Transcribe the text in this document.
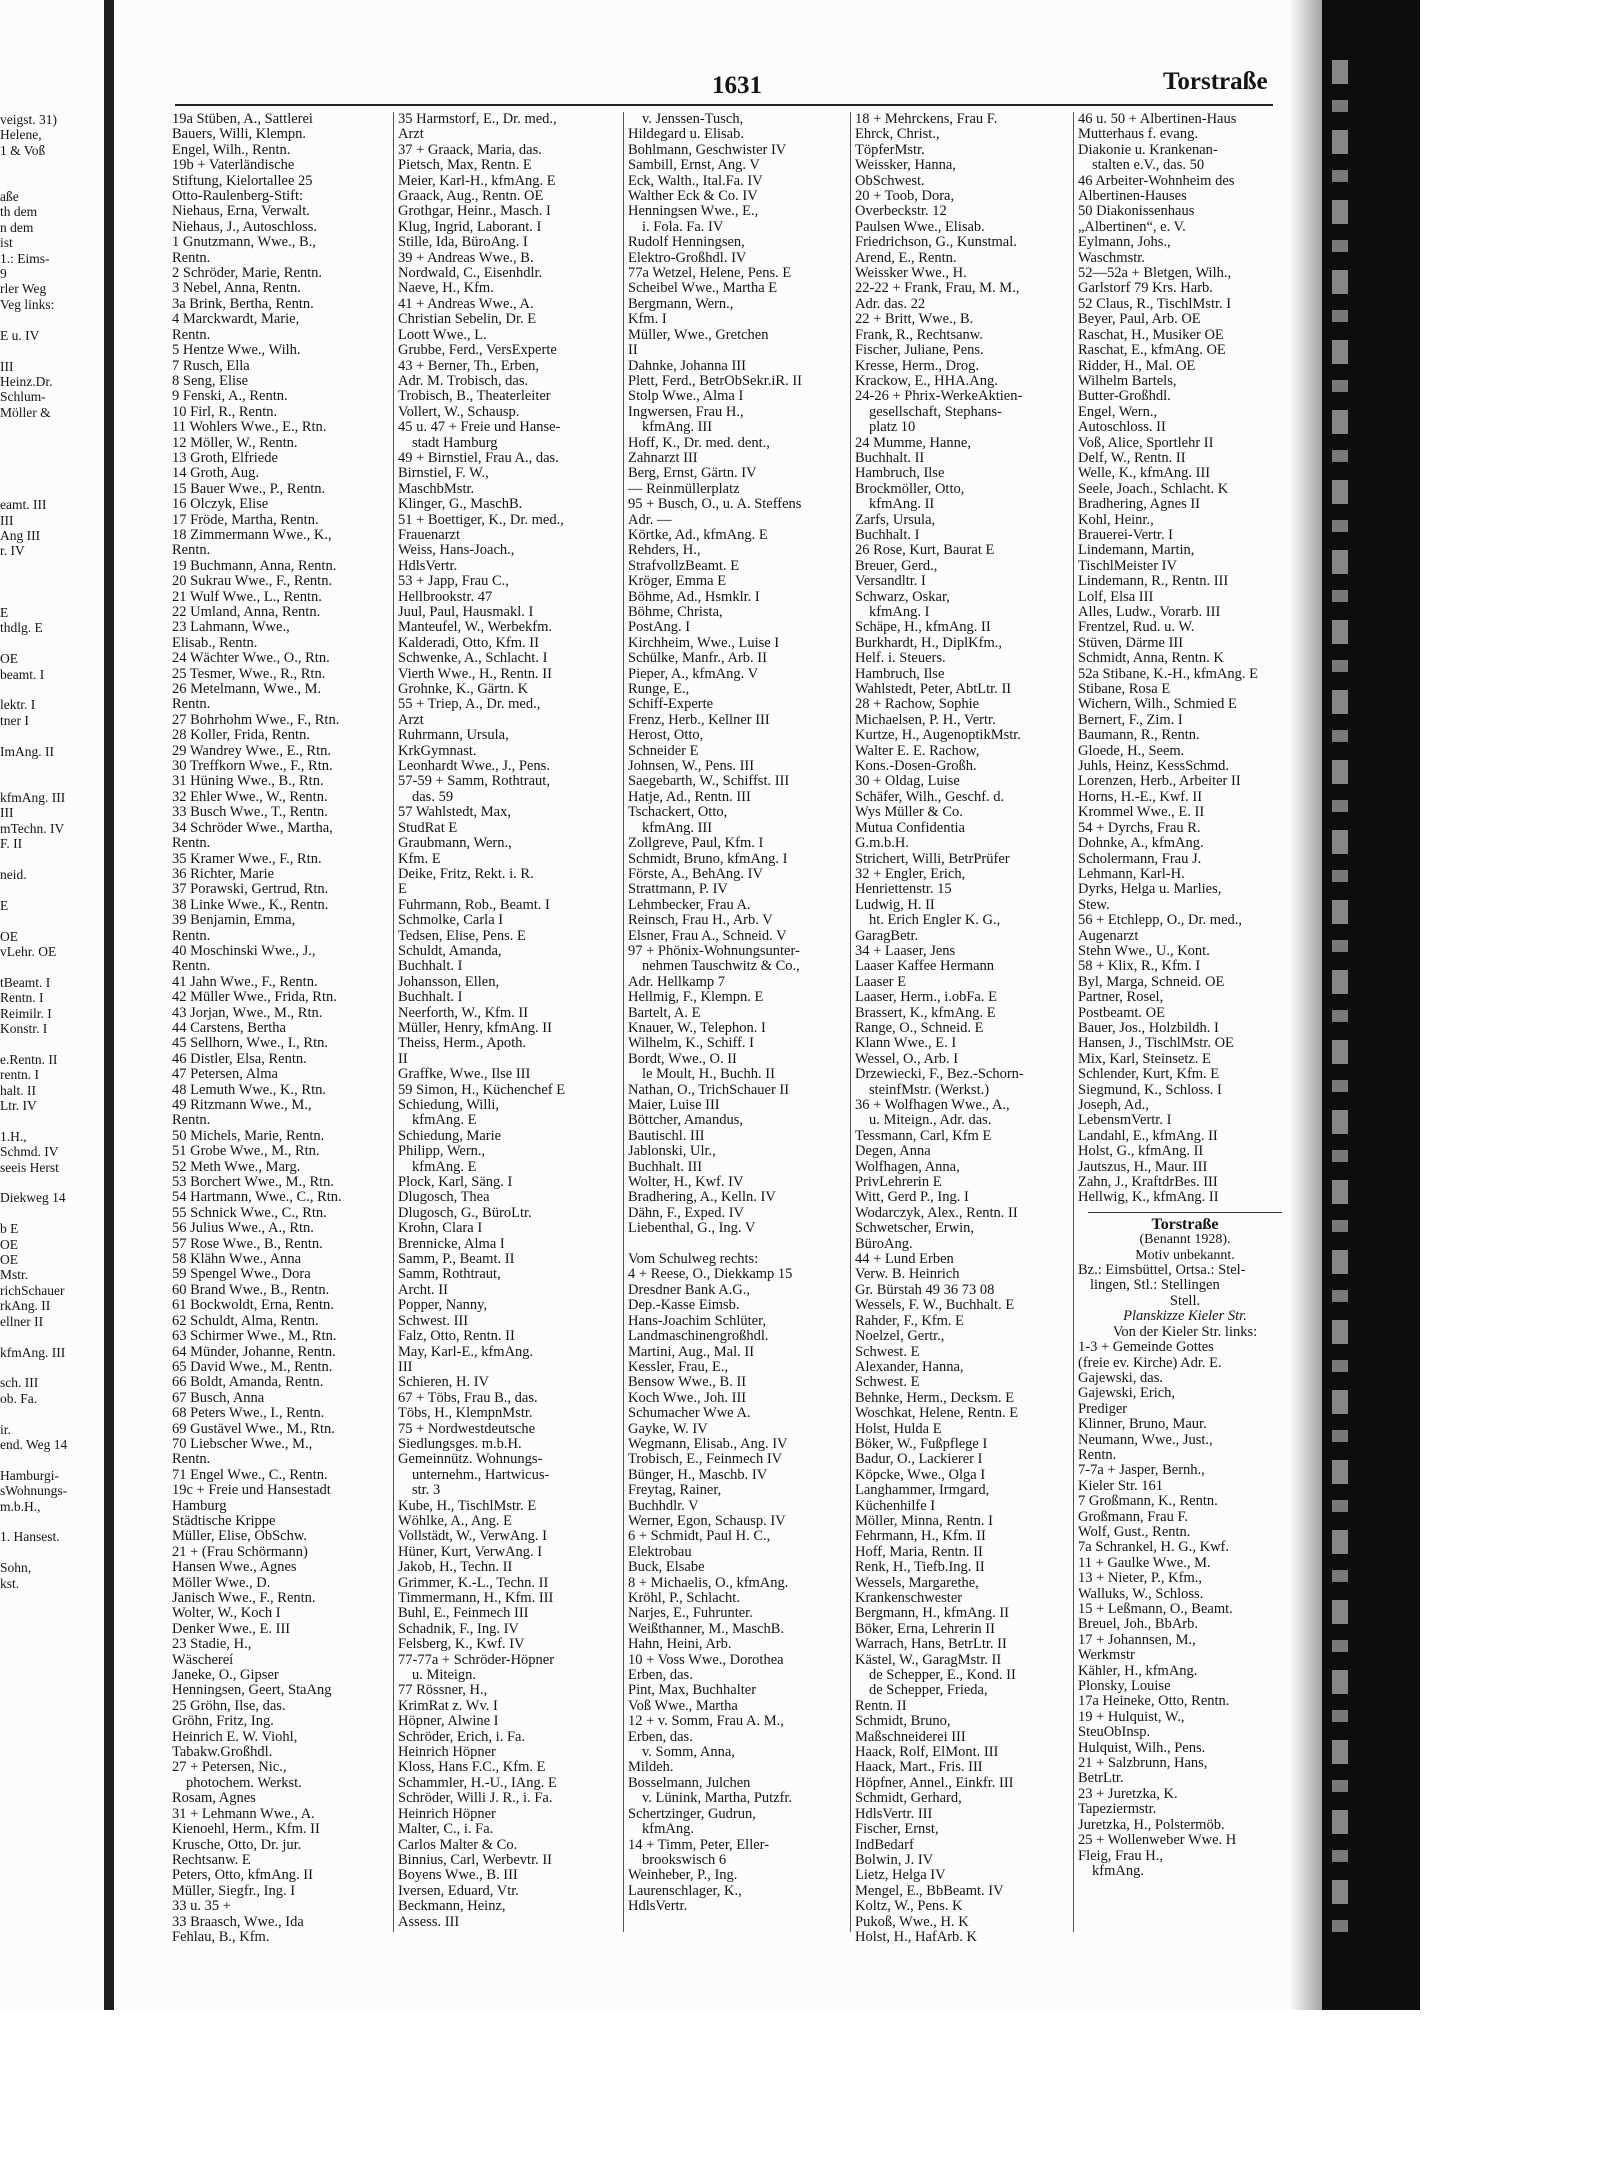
1631	Torstraße
veigst. 31)
Helene,
1 & Voß

aße
th dem
n dem
ist
1.: Eims-
9
rler Weg
Veg links:

E u. IV

III
Heinz.Dr.
Schlum-
Möller &

eamt. III
III
Ang III
r. IV

E
thdlg. E

OE
beamt. I

lektr. I
tner I

ImAng. II

kfmAng. III
III
mTechn. IV
F. II

neid.

E

OE
vLehr. OE

tBeamt. I
Rentn. I
Reimilr. I
Konstr. I

e.Rentn. II
rentn. I
halt. II
Ltr. IV

1.H.,
Schmd. IV
seeis Herst

Diekweg 14

b E
OE
OE
Mstr.
richSchauer
rkAng. II
ellner II

kfmAng. III

sch. III
ob. Fa.

ir.
end. Weg 14

Hamburgi-
sWohnungs-
m.b.H.,

1. Hansest.

Sohn,
kst.
19a Stüben, A., Sattlerei
Bauers, Willi, Klempn.
Engel, Wilh., Rentn.
19b + Vaterländische
Stiftung, Kielortallee 25
Otto-Raulenberg-Stift:
Niehaus, Erna, Verwalt.
Niehaus, J., Autoschloss.
1 Gnutzmann, Wwe., B.,
Rentn.
2 Schröder, Marie, Rentn.
3 Nebel, Anna, Rentn.
3a Brink, Bertha, Rentn.
4 Marckwardt, Marie,
Rentn.
5 Hentze Wwe., Wilh.
7 Rusch, Ella
8 Seng, Elise
9 Fenski, A., Rentn.
10 Firl, R., Rentn.
11 Wohlers Wwe., E., Rtn.
12 Möller, W., Rentn.
13 Groth, Elfriede
14 Groth, Aug.
15 Bauer Wwe., P., Rentn.
16 Olczyk, Elise
17 Fröde, Martha, Rentn.
18 Zimmermann Wwe., K.,
Rentn.
19 Buchmann, Anna, Rentn.
20 Sukrau Wwe., F., Rentn.
21 Wulf Wwe., L., Rentn.
22 Umland, Anna, Rentn.
23 Lahmann, Wwe.,
Elisab., Rentn.
24 Wächter Wwe., O., Rtn.
25 Tesmer, Wwe., R., Rtn.
26 Metelmann, Wwe., M.
Rentn.
27 Bohrhohm Wwe., F., Rtn.
28 Koller, Frida, Rentn.
29 Wandrey Wwe., E., Rtn.
30 Treffkorn Wwe., F., Rtn.
31 Hüning Wwe., B., Rtn.
32 Ehler Wwe., W., Rentn.
33 Busch Wwe., T., Rentn.
34 Schröder Wwe., Martha,
Rentn.
35 Kramer Wwe., F., Rtn.
36 Richter, Marie
37 Porawski, Gertrud, Rtn.
38 Linke Wwe., K., Rentn.
39 Benjamin, Emma,
Rentn.
40 Moschinski Wwe., J.,
Rentn.
41 Jahn Wwe., F., Rentn.
42 Müller Wwe., Frida, Rtn.
43 Jorjan, Wwe., M., Rtn.
44 Carstens, Bertha
45 Sellhorn, Wwe., I., Rtn.
46 Distler, Elsa, Rentn.
47 Petersen, Alma
48 Lemuth Wwe., K., Rtn.
49 Ritzmann Wwe., M.,
Rentn.
50 Michels, Marie, Rentn.
51 Grobe Wwe., M., Rtn.
52 Meth Wwe., Marg.
53 Borchert Wwe., M., Rtn.
54 Hartmann, Wwe., C., Rtn.
55 Schnick Wwe., C., Rtn.
56 Julius Wwe., A., Rtn.
57 Rose Wwe., B., Rentn.
58 Klähn Wwe., Anna
59 Spengel Wwe., Dora
60 Brand Wwe., B., Rentn.
61 Bockwoldt, Erna, Rentn.
62 Schuldt, Alma, Rentn.
63 Schirmer Wwe., M., Rtn.
64 Münder, Johanne, Rentn.
65 David Wwe., M., Rentn.
66 Boldt, Amanda, Rentn.
67 Busch, Anna
68 Peters Wwe., I., Rentn.
69 Gustävel Wwe., M., Rtn.
70 Liebscher Wwe., M.,
Rentn.
71 Engel Wwe., C., Rentn.
19c + Freie und Hansestadt
Hamburg
Städtische Krippe
Müller, Elise, ObSchw.
21 + (Frau Schörmann)
Hansen Wwe., Agnes
Möller Wwe., D.
Janisch Wwe., F., Rentn.
Wolter, W., Koch I
Denker Wwe., E. III
23 Stadie, H.,
Wäschereí
Janeke, O., Gipser
Henningsen, Geert, StaAng
25 Gröhn, Ilse, das.
Gröhn, Fritz, Ing.
Heinrich E. W. Viohl,
Tabakw.Großhdl.
27 + Petersen, Nic.,
photochem. Werkst.
Rosam, Agnes
31 + Lehmann Wwe., A.
Kienoehl, Herm., Kfm. II
Krusche, Otto, Dr. jur.
Rechtsanw. E
Peters, Otto, kfmAng. II
Müller, Siegfr., Ing. I
33 u. 35 +
33 Braasch, Wwe., Ida
Fehlau, B., Kfm.
35 Harmstorf, E., Dr. med.,
Arzt
37 + Graack, Maria, das.
Pietsch, Max, Rentn. E
Meier, Karl-H., kfmAng. E
Graack, Aug., Rentn. OE
Grothgar, Heinr., Masch. I
Klug, Ingrid, Laborant. I
Stille, Ida, BüroAng. I
39 + Andreas Wwe., B.
Nordwald, C., Eisenhdlr.
Naeve, H., Kfm.
41 + Andreas Wwe., A.
Christian Sebelin, Dr. E
Loott Wwe., L.
Grubbe, Ferd., VersExperte
43 + Berner, Th., Erben,
Adr. M. Trobisch, das.
Trobisch, B., Theaterleiter
Vollert, W., Schausp.
45 u. 47 + Freie und Hanse-
stadt Hamburg
49 + Birnstiel, Frau A., das.
Birnstiel, F. W.,
MaschbMstr.
Klinger, G., MaschB.
51 + Boettiger, K., Dr. med.,
Frauenarzt
Weiss, Hans-Joach.,
HdlsVertr.
53 + Japp, Frau C.,
Hellbrookstr. 47
Juul, Paul, Hausmakl. I
Manteufel, W., Werbekfm.
Kalderadi, Otto, Kfm. II
Schwenke, A., Schlacht. I
Vierth Wwe., H., Rentn. II
Grohnke, K., Gärtn. K
55 + Triep, A., Dr. med.,
Arzt
Ruhrmann, Ursula,
KrkGymnast.
Leonhardt Wwe., J., Pens.
57-59 + Samm, Rothtraut,
das. 59
57 Wahlstedt, Max,
StudRat E
Graubmann, Wern.,
Kfm. E
Deike, Fritz, Rekt. i. R.
E
Fuhrmann, Rob., Beamt. I
Schmolke, Carla I
Tedsen, Elise, Pens. E
Schuldt, Amanda,
Buchhalt. I
Johansson, Ellen,
Buchhalt. I
Neerforth, W., Kfm. II
Müller, Henry, kfmAng. II
Theiss, Herm., Apoth.
II
Graffke, Wwe., Ilse III
59 Simon, H., Küchenchef E
Schiedung, Willi,
kfmAng. E
Schiedung, Marie
Philipp, Wern.,
kfmAng. E
Plock, Karl, Säng. I
Dlugosch, Thea
Dlugosch, G., BüroLtr.
Krohn, Clara I
Brennicke, Alma I
Samm, P., Beamt. II
Samm, Rothtraut,
Archt. II
Popper, Nanny,
Schwest. III
Falz, Otto, Rentn. II
May, Karl-E., kfmAng.
III
Schieren, H. IV
67 + Töbs, Frau B., das.
Töbs, H., KlempnMstr.
75 + Nordwestdeutsche
Siedlungsges. m.b.H.
Gemeinnütz. Wohnungs-
unternehm., Hartwicus-
str. 3
Kube, H., TischlMstr. E
Wöhlke, A., Ang. E
Vollstädt, W., VerwAng. I
Hüner, Kurt, VerwAng. I
Jakob, H., Techn. II
Grimmer, K.-L., Techn. II
Timmermann, H., Kfm. III
Buhl, E., Feinmech III
Schadnik, F., Ing. IV
Felsberg, K., Kwf. IV
77-77a + Schröder-Höpner
u. Miteign.
77 Rössner, H.,
KrimRat z. Wv. I
Höpner, Alwine I
Schröder, Erich, i. Fa.
Heinrich Höpner
Kloss, Hans F.C., Kfm. E
Schammler, H.-U., IAng. E
Schröder, Willi J. R., i. Fa.
Heinrich Höpner
Malter, C., i. Fa.
Carlos Malter & Co.
Binnius, Carl, Werbevtr. II
Boyens Wwe., B. III
Iversen, Eduard, Vtr.
Beckmann, Heinz,
Assess. III
v. Jenssen-Tusch,
Hildegard u. Elisab.
Bohlmann, Geschwister IV
Sambill, Ernst, Ang. V
Eck, Walth., Ital.Fa. IV
Walther Eck & Co. IV
Henningsen Wwe., E.,
i. Fola. Fa. IV
Rudolf Henningsen,
Elektro-Großhdl. IV
77a Wetzel, Helene, Pens. E
Scheibel Wwe., Martha E
Bergmann, Wern.,
Kfm. I
Müller, Wwe., Gretchen
II
Dahnke, Johanna III
Plett, Ferd., BetrObSekr.iR. II
Stolp Wwe., Alma I
Ingwersen, Frau H.,
kfmAng. III
Hoff, K., Dr. med. dent.,
Zahnarzt III
Berg, Ernst, Gärtn. IV
— Reinmüllerplatz
95 + Busch, O., u. A. Steffens
Adr. —
Körtke, Ad., kfmAng. E
Rehders, H.,
StrafvollzBeamt. E
Kröger, Emma E
Böhme, Ad., Hsmklr. I
Böhme, Christa,
PostAng. I
Kirchheim, Wwe., Luise I
Schülke, Manfr., Arb. II
Pieper, A., kfmAng. V
Runge, E.,
Schiff-Experte
Frenz, Herb., Kellner III
Herost, Otto,
Schneider E
Johnsen, W., Pens. III
Saegebarth, W., Schiffst. III
Hatje, Ad., Rentn. III
Tschackert, Otto,
kfmAng. III
Zollgreve, Paul, Kfm. I
Schmidt, Bruno, kfmAng. I
Förste, A., BehAng. IV
Strattmann, P. IV
Lehmbecker, Frau A.
Reinsch, Frau H., Arb. V
Elsner, Frau A., Schneid. V
97 + Phönix-Wohnungsunter-
nehmen Tauschwitz & Co.,
Adr. Hellkamp 7
Hellmig, F., Klempn. E
Bartelt, A. E
Knauer, W., Telephon. I
Wilhelm, K., Schiff. I
Bordt, Wwe., O. II
le Moult, H., Buchh. II
Nathan, O., TrichSchauer II
Maier, Luise III
Böttcher, Amandus,
Bautischl. III
Jablonski, Ulr.,
Buchhalt. III
Wolter, H., Kwf. IV
Bradhering, A., Kelln. IV
Dähn, F., Exped. IV
Liebenthal, G., Ing. V

Vom Schulweg rechts:
4 + Reese, O., Diekkamp 15
Dresdner Bank A.G.,
Dep.-Kasse Eimsb.
Hans-Joachim Schlüter,
Landmaschinengroßhdl.
Martini, Aug., Mal. II
Kessler, Frau, E.,
Bensow Wwe., B. II
Koch Wwe., Joh. III
Schumacher Wwe A.
Gayke, W. IV
Wegmann, Elisab., Ang. IV
Trobisch, E., Feinmech IV
Bünger, H., Maschb. IV
Freytag, Rainer,
Buchhdlr. V
Werner, Egon, Schausp. IV
6 + Schmidt, Paul H. C.,
Elektrobau
Buck, Elsabe
8 + Michaelis, O., kfmAng.
Kröhl, P., Schlacht.
Narjes, E., Fuhrunter.
Weißthanner, M., MaschB.
Hahn, Heini, Arb.
10 + Voss Wwe., Dorothea
Erben, das.
Pint, Max, Buchhalter
Voß Wwe., Martha
12 + v. Somm, Frau A. M.,
Erben, das.
v. Somm, Anna,
Mildeh.
Bosselmann, Julchen
v. Lünink, Martha, Putzfr.
Schertzinger, Gudrun,
kfmAng.
14 + Timm, Peter, Eller-
brookswisch 6
Weinheber, P., Ing.
Laurenschlager, K.,
HdlsVertr.
18 + Mehrckens, Frau F.
Ehrck, Christ.,
TöpferMstr.
Weissker, Hanna,
ObSchwest.
20 + Toob, Dora,
Overbeckstr. 12
Paulsen Wwe., Elisab.
Friedrichson, G., Kunstmal.
Arend, E., Rentn.
Weissker Wwe., H.
22-22 + Frank, Frau, M. M.,
Adr. das. 22
22 + Britt, Wwe., B.
Frank, R., Rechtsanw.
Fischer, Juliane, Pens.
Kresse, Herm., Drog.
Krackow, E., HHA.Ang.
24-26 + Phrix-WerkeAktien-
gesellschaft, Stephans-
platz 10
24 Mumme, Hanne,
Buchhalt. II
Hambruch, Ilse
Brockmöller, Otto,
kfmAng. II
Zarfs, Ursula,
Buchhalt. I
26 Rose, Kurt, Baurat E
Breuer, Gerd.,
Versandltr. I
Schwarz, Oskar,
kfmAng. I
Schäpe, H., kfmAng. II
Burkhardt, H., DiplKfm.,
Helf. i. Steuers.
Hambruch, Ilse
Wahlstedt, Peter, AbtLtr. II
28 + Rachow, Sophie
Michaelsen, P. H., Vertr.
Kurtze, H., AugenoptikMstr.
Walter E. E. Rachow,
Kons.-Dosen-Großh.
30 + Oldag, Luise
Schäfer, Wilh., Geschf. d.
Wys Müller & Co.
Mutua Confidentia
G.m.b.H.
Strichert, Willi, BetrPrüfer
32 + Engler, Erich,
Henriettenstr. 15
Ludwig, H. II
ht. Erich Engler K. G.,
GaragBetr.
34 + Laaser, Jens
Laaser Kaffee Hermann
Laaser E
Laaser, Herm., i.obFa. E
Brassert, K., kfmAng. E
Range, O., Schneid. E
Klann Wwe., E. I
Wessel, O., Arb. I
Drzewiecki, F., Bez.-Schorn-
steinfMstr. (Werkst.)
36 + Wolfhagen Wwe., A.,
u. Miteign., Adr. das.
Tessmann, Carl, Kfm E
Degen, Anna
Wolfhagen, Anna,
PrivLehrerin E
Witt, Gerd P., Ing. I
Wodarczyk, Alex., Rentn. II
Schwetscher, Erwin,
BüroAng.
44 + Lund Erben
Verw. B. Heinrich
Gr. Bürstah 49 36 73 08
Wessels, F. W., Buchhalt. E
Rahder, F., Kfm. E
Noelzel, Gertr.,
Schwest. E
Alexander, Hanna,
Schwest. E
Behnke, Herm., Decksm. E
Woschkat, Helene, Rentn. E
Holst, Hulda E
Böker, W., Fußpflege I
Badur, O., Lackierer I
Köpcke, Wwe., Olga I
Langhammer, Irmgard,
Küchenhilfe I
Möller, Minna, Rentn. I
Fehrmann, H., Kfm. II
Hoff, Maria, Rentn. II
Renk, H., Tiefb.Ing. II
Wessels, Margarethe,
Krankenschwester
Bergmann, H., kfmAng. II
Böker, Erna, Lehrerin II
Warrach, Hans, BetrLtr. II
Kästel, W., GaragMstr. II
de Schepper, E., Kond. II
de Schepper, Frieda,
Rentn. II
Schmidt, Bruno,
Maßschneiderei III
Haack, Rolf, ElMont. III
Haack, Mart., Fris. III
Höpfner, Annel., Einkfr. III
Schmidt, Gerhard,
HdlsVertr. III
Fischer, Ernst,
IndBedarf
Bolwin, J. IV
Lietz, Helga IV
Mengel, E., BbBeamt. IV
Koltz, W., Pens. K
Pukoß, Wwe., H. K
Holst, H., HafArb. K
46 u. 50 + Albertinen-Haus
Mutterhaus f. evang.
Diakonie u. Krankenan-
stalten e.V., das. 50
46 Arbeiter-Wohnheim des
Albertinen-Hauses
50 Diakonissenhaus
„Albertinen“, e. V.
Eylmann, Johs.,
Waschmstr.
52—52a + Bletgen, Wilh.,
Garlstorf 79 Krs. Harb.
52 Claus, R., TischlMstr. I
Beyer, Paul, Arb. OE
Raschat, H., Musiker OE
Raschat, E., kfmAng. OE
Ridder, H., Mal. OE
Wilhelm Bartels,
Butter-Großhdl.
Engel, Wern.,
Autoschloss. II
Voß, Alice, Sportlehr II
Delf, W., Rentn. II
Welle, K., kfmAng. III
Seele, Joach., Schlacht. K
Bradhering, Agnes II
Kohl, Heinr.,
Brauerei-Vertr. I
Lindemann, Martin,
TischlMeister IV
Lindemann, R., Rentn. III
Lolf, Elsa III
Alles, Ludw., Vorarb. III
Frentzel, Rud. u. W.
Stüven, Därme III
Schmidt, Anna, Rentn. K
52a Stibane, K.-H., kfmAng. E
Stibane, Rosa E
Wichern, Wilh., Schmied E
Bernert, F., Zim. I
Baumann, R., Rentn.
Gloede, H., Seem.
Juhls, Heinz, KessSchmd.
Lorenzen, Herb., Arbeiter II
Horns, H.-E., Kwf. II
Krommel Wwe., E. II
54 + Dyrchs, Frau R.
Dohnke, A., kfmAng.
Scholermann, Frau J.
Lehmann, Karl-H.
Dyrks, Helga u. Marlies,
Stew.
56 + Etchlepp, O., Dr. med.,
Augenarzt
Stehn Wwe., U., Kont.
58 + Klix, R., Kfm. I
Byl, Marga, Schneid. OE
Partner, Rosel,
Postbeamt. OE
Bauer, Jos., Holzbildh. I
Hansen, J., TischlMstr. OE
Mix, Karl, Steinsetz. E
Schlender, Kurt, Kfm. E
Siegmund, K., Schloss. I
Joseph, Ad.,
LebensmVertr. I
Landahl, E., kfmAng. II
Holst, G., kfmAng. II
Jautszus, H., Maur. III
Zahn, J., KraftdrBes. III
Hellwig, K., kfmAng. II
Torstraße
(Benannt 1928).
Motiv unbekannt.
Bz.: Eimsbüttel, Ortsa.: Stel-
lingen, Stl.: Stellingen
Stell.
Planskizze Kieler Str.
Von der Kieler Str. links:
1-3 + Gemeinde Gottes
(freie ev. Kirche) Adr. E.
Gajewski, das.
Gajewski, Erich,
Prediger
Klinner, Bruno, Maur.
Neumann, Wwe., Just.,
Rentn.
7-7a + Jasper, Bernh.,
Kieler Str. 161
7 Großmann, K., Rentn.
Großmann, Frau F.
Wolf, Gust., Rentn.
7a Schrankel, H. G., Kwf.
11 + Gaulke Wwe., M.
13 + Nieter, P., Kfm.,
Walluks, W., Schloss.
15 + Leßmann, O., Beamt.
Breuel, Joh., BbArb.
17 + Johannsen, M.,
Werkmstr
Kähler, H., kfmAng.
Plonsky, Louise
17a Heineke, Otto, Rentn.
19 + Hulquist, W.,
SteuObInsp.
Hulquist, Wilh., Pens.
21 + Salzbrunn, Hans,
BetrLtr.
23 + Juretzka, K.
Tapeziermstr.
Juretzka, H., Polstermöb.
25 + Wollenweber Wwe. H
Fleig, Frau H.,
kfmAng.
